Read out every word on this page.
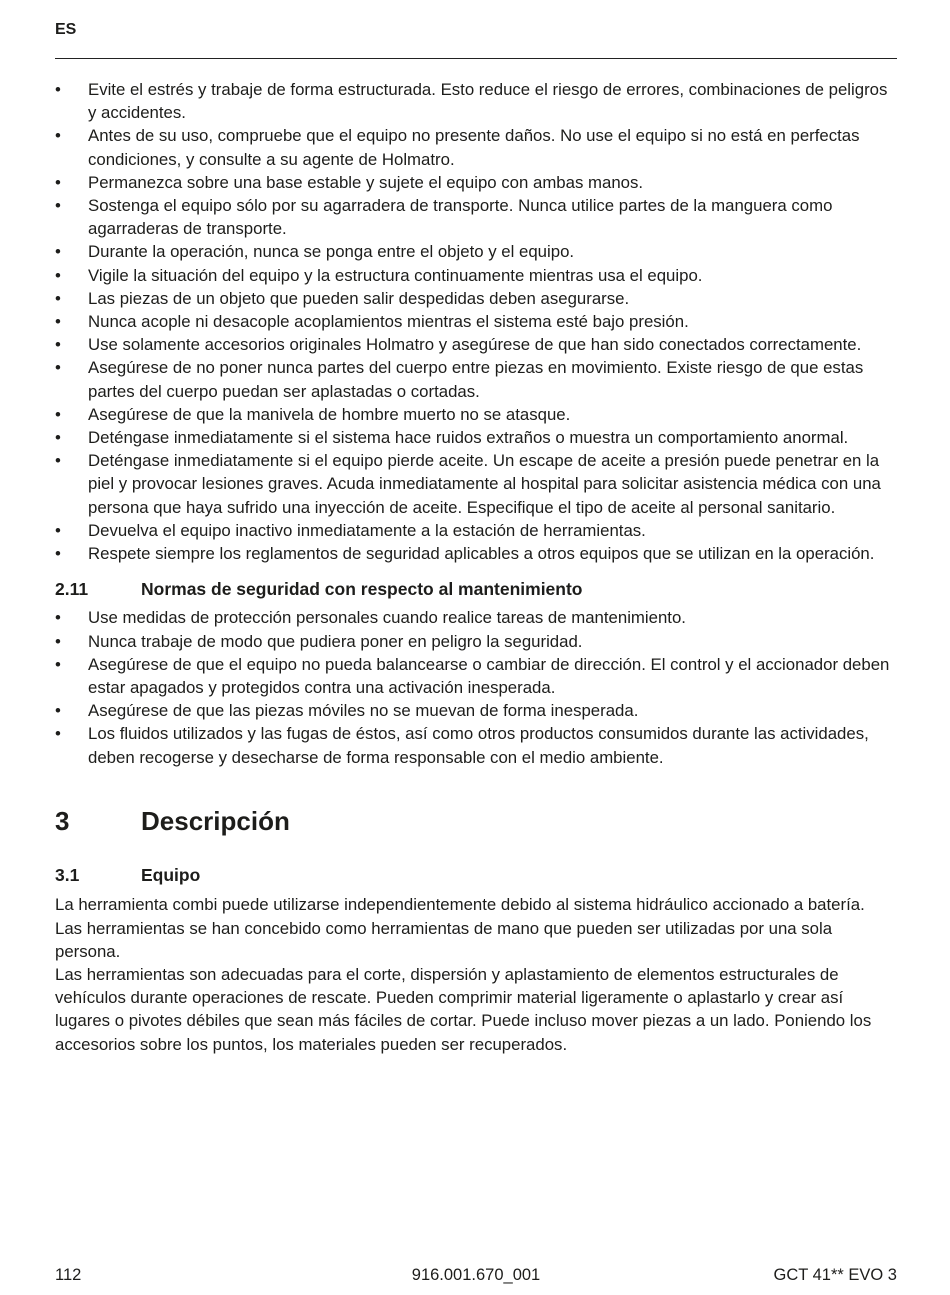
ES
• Evite el estrés y trabaje de forma estructurada. Esto reduce el riesgo de errores, combinaciones de peligros y accidentes.
• Antes de su uso, compruebe que el equipo no presente daños. No use el equipo si no está en perfectas condiciones, y consulte a su agente de Holmatro.
• Permanezca sobre una base estable y sujete el equipo con ambas manos.
• Sostenga el equipo sólo por su agarradera de transporte. Nunca utilice partes de la manguera como agarraderas de transporte.
• Durante la operación, nunca se ponga entre el objeto y el equipo.
• Vigile la situación del equipo y la estructura continuamente mientras usa el equipo.
• Las piezas de un objeto que pueden salir despedidas deben asegurarse.
• Nunca acople ni desacople acoplamientos mientras el sistema esté bajo presión.
• Use solamente accesorios originales Holmatro y asegúrese de que han sido conectados correctamente.
• Asegúrese de no poner nunca partes del cuerpo entre piezas en movimiento. Existe riesgo de que estas partes del cuerpo puedan ser aplastadas o cortadas.
• Asegúrese de que la manivela de hombre muerto no se atasque.
• Deténgase inmediatamente si el sistema hace ruidos extraños o muestra un comportamiento anormal.
• Deténgase inmediatamente si el equipo pierde aceite. Un escape de aceite a presión puede penetrar en la piel y provocar lesiones graves. Acuda inmediatamente al hospital para solicitar asistencia médica con una persona que haya sufrido una inyección de aceite. Especifique el tipo de aceite al personal sanitario.
• Devuelva el equipo inactivo inmediatamente a la estación de herramientas.
• Respete siempre los reglamentos de seguridad aplicables a otros equipos que se utilizan en la operación.
2.11	Normas de seguridad con respecto al mantenimiento
• Use medidas de protección personales cuando realice tareas de mantenimiento.
• Nunca trabaje de modo que pudiera poner en peligro la seguridad.
• Asegúrese de que el equipo no pueda balancearse o cambiar de dirección. El control y el accionador deben estar apagados y protegidos contra una activación inesperada.
• Asegúrese de que las piezas móviles no se muevan de forma inesperada.
• Los fluidos utilizados y las fugas de éstos, así como otros productos consumidos durante las actividades, deben recogerse y desecharse de forma responsable con el medio ambiente.
3	Descripción
3.1	Equipo

La herramienta combi puede utilizarse independientemente debido al sistema hidráulico accionado a batería.

Las herramientas se han concebido como herramientas de mano que pueden ser utilizadas por una sola persona.

Las herramientas son adecuadas para el corte, dispersión y aplastamiento de elementos estructurales de vehículos durante operaciones de rescate. Pueden comprimir material ligeramente o aplastarlo y crear así lugares o pivotes débiles que sean más fáciles de cortar. Puede incluso mover piezas a un lado. Poniendo los accesorios sobre los puntos, los materiales pueden ser recuperados.

112	916.001.670_001	GCT 41** EVO 3
